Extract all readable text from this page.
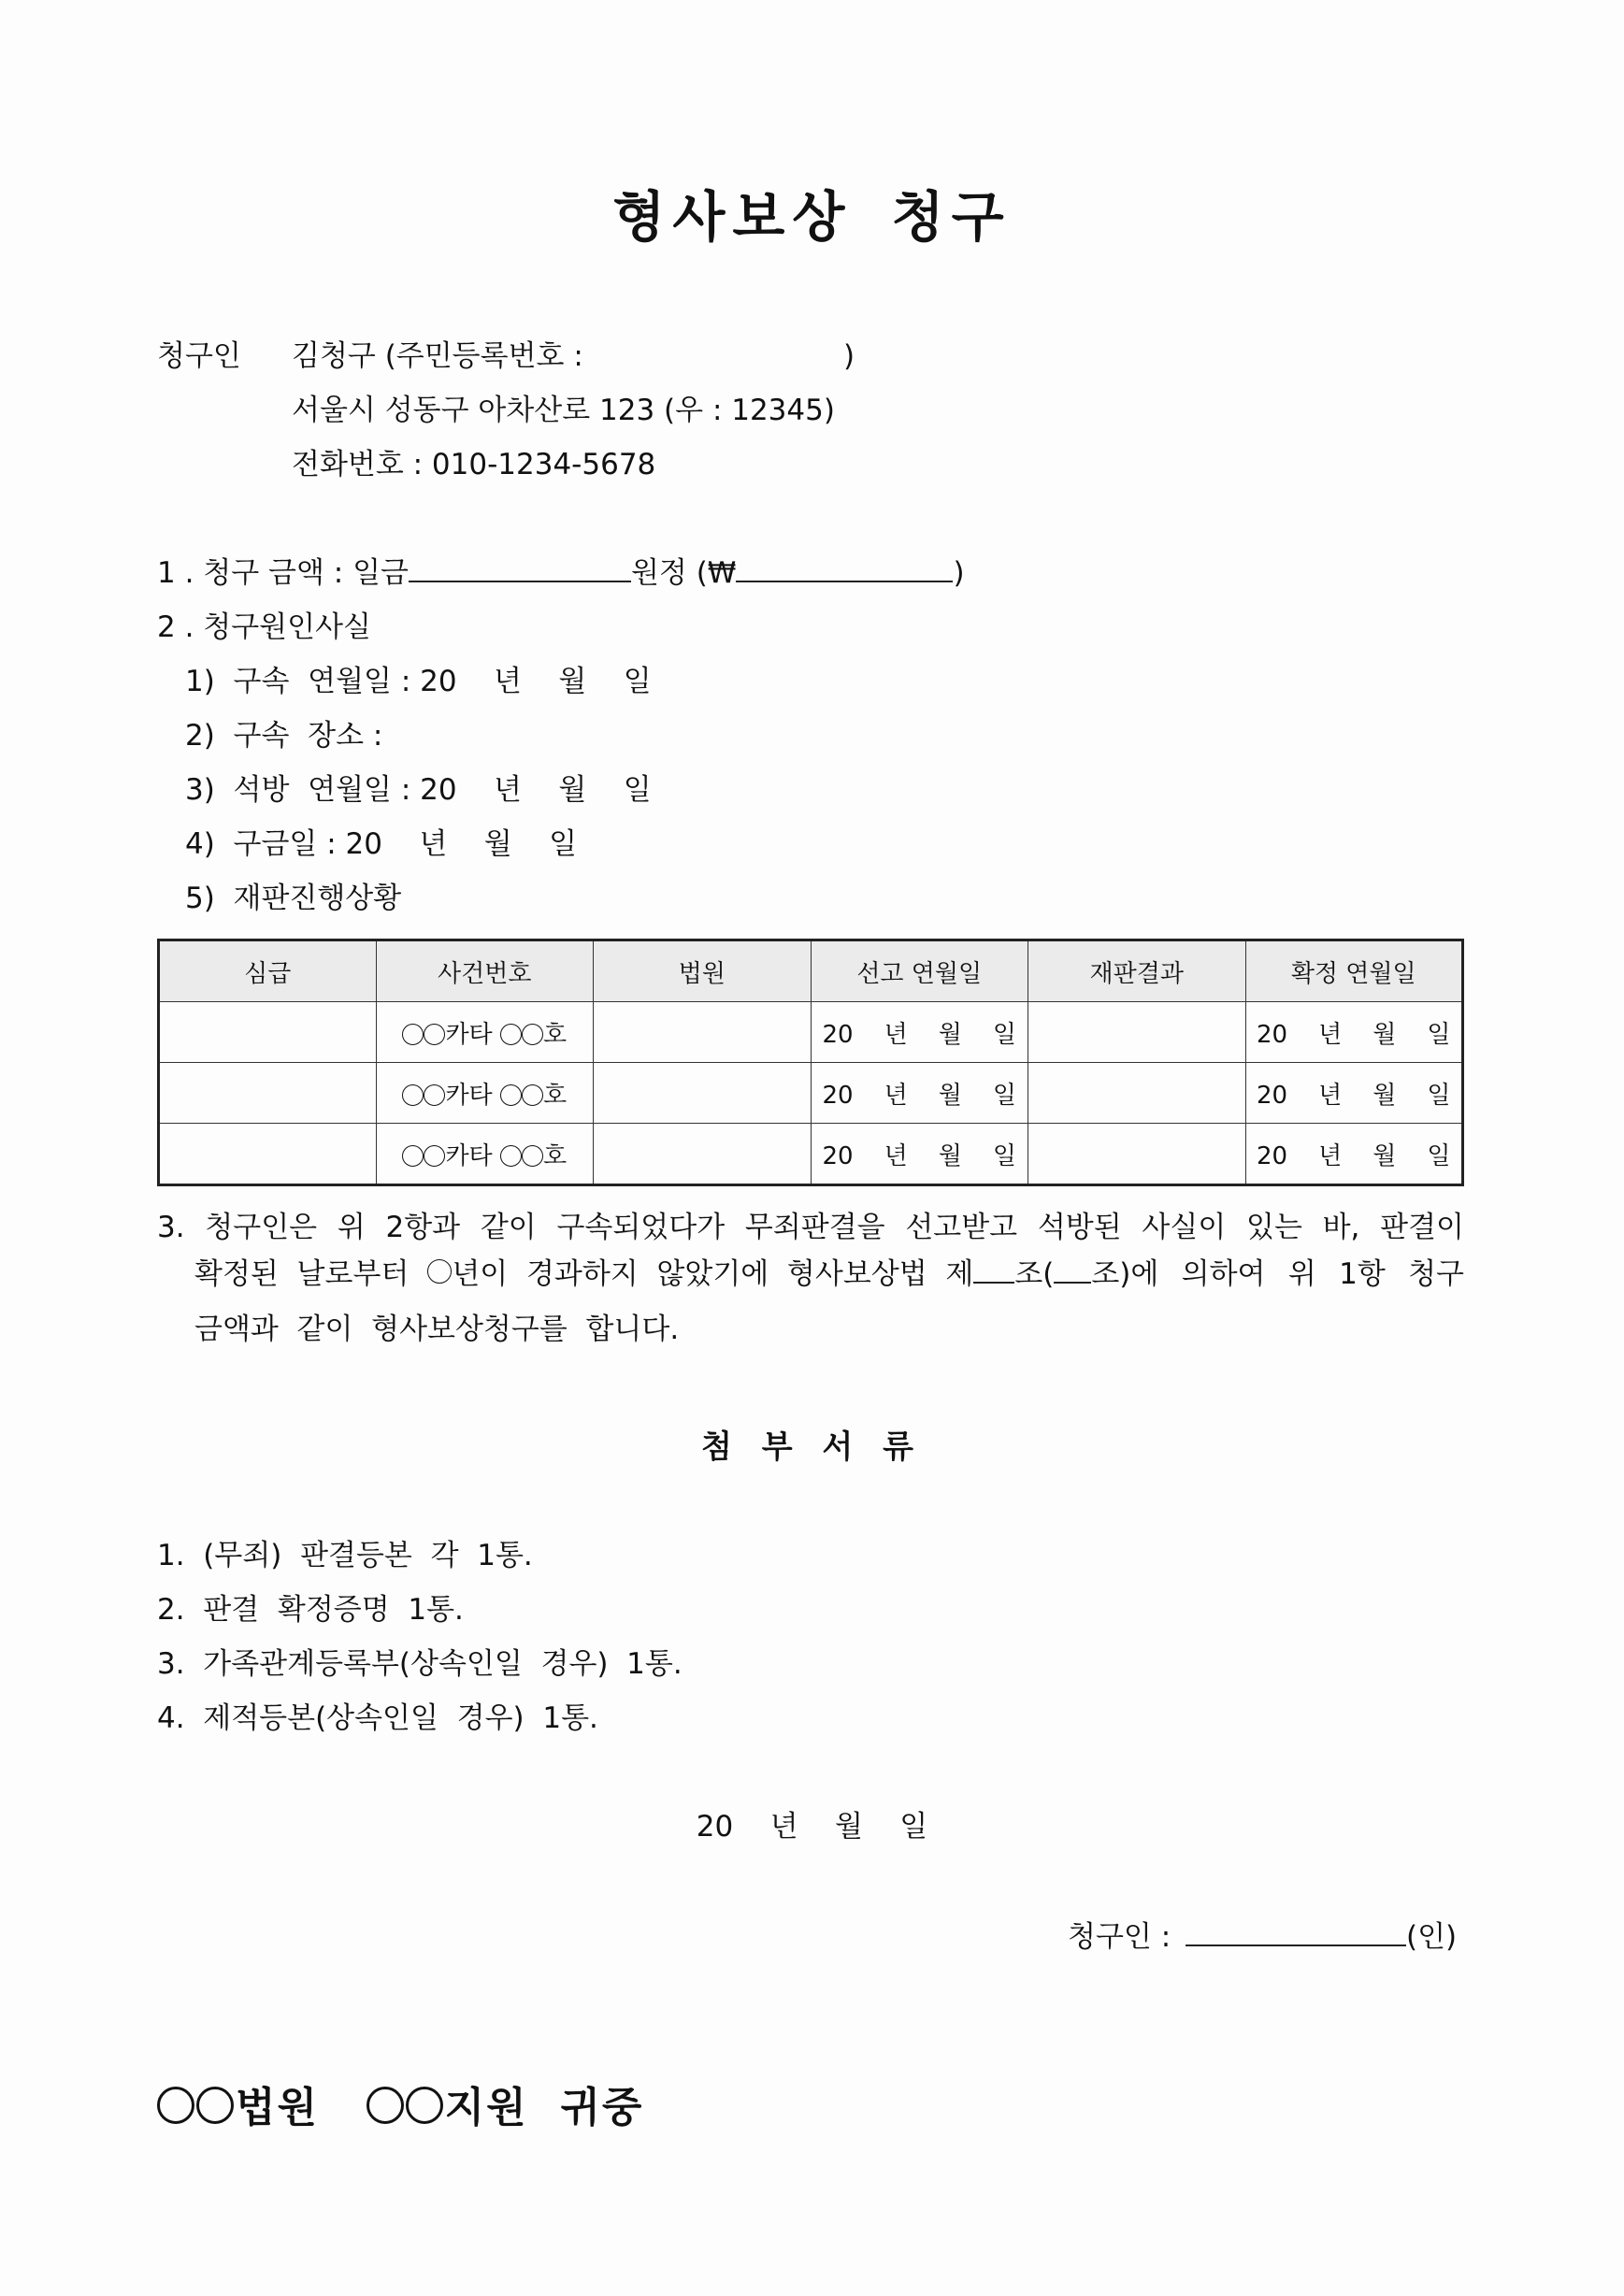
형사보상 청구
청구인 김청구 (주민등록번호 :	)
서울시 성동구 아차산로 123 (우 : 12345)
전화번호 : 010-1234-5678
1 . 청구 금액 : 일금	원정 (₩	)
2 . 청구원인사실
1)  구속  연월일 : 20    년    월    일
2)  구속  장소 :
3)  석방  연월일 : 20    년    월    일
4)  구금일 : 20    년    월    일
5)  재판진행상황
심급	사건번호	법원	선고 연월일	재판결과	확정 연월일
	카타 호		20    년    월    일		20    년    월    일
	카타 호		20    년    월    일		20    년    월    일
	카타 호		20    년    월    일		20    년    월    일
3.  청구인은  위  2항과  같이  구속되었다가  무죄판결을  선고받고  석방된  사실이  있는  바,  판결이
확정된  날로부터 년이  경과하지  않았기에  형사보상법  제 조( 조)에  의하여  위  1항  청구
금액과  같이  형사보상청구를  합니다.
첨 부 서 류
1.  (무죄)  판결등본  각  1통.
2.  판결  확정증명  1통.
3.  가족관계등록부(상속인일  경우)  1통.
4.  제적등본(상속인일  경우)  1통.
20    년    월    일
청구인 :	(인)
법원	지원  귀중
